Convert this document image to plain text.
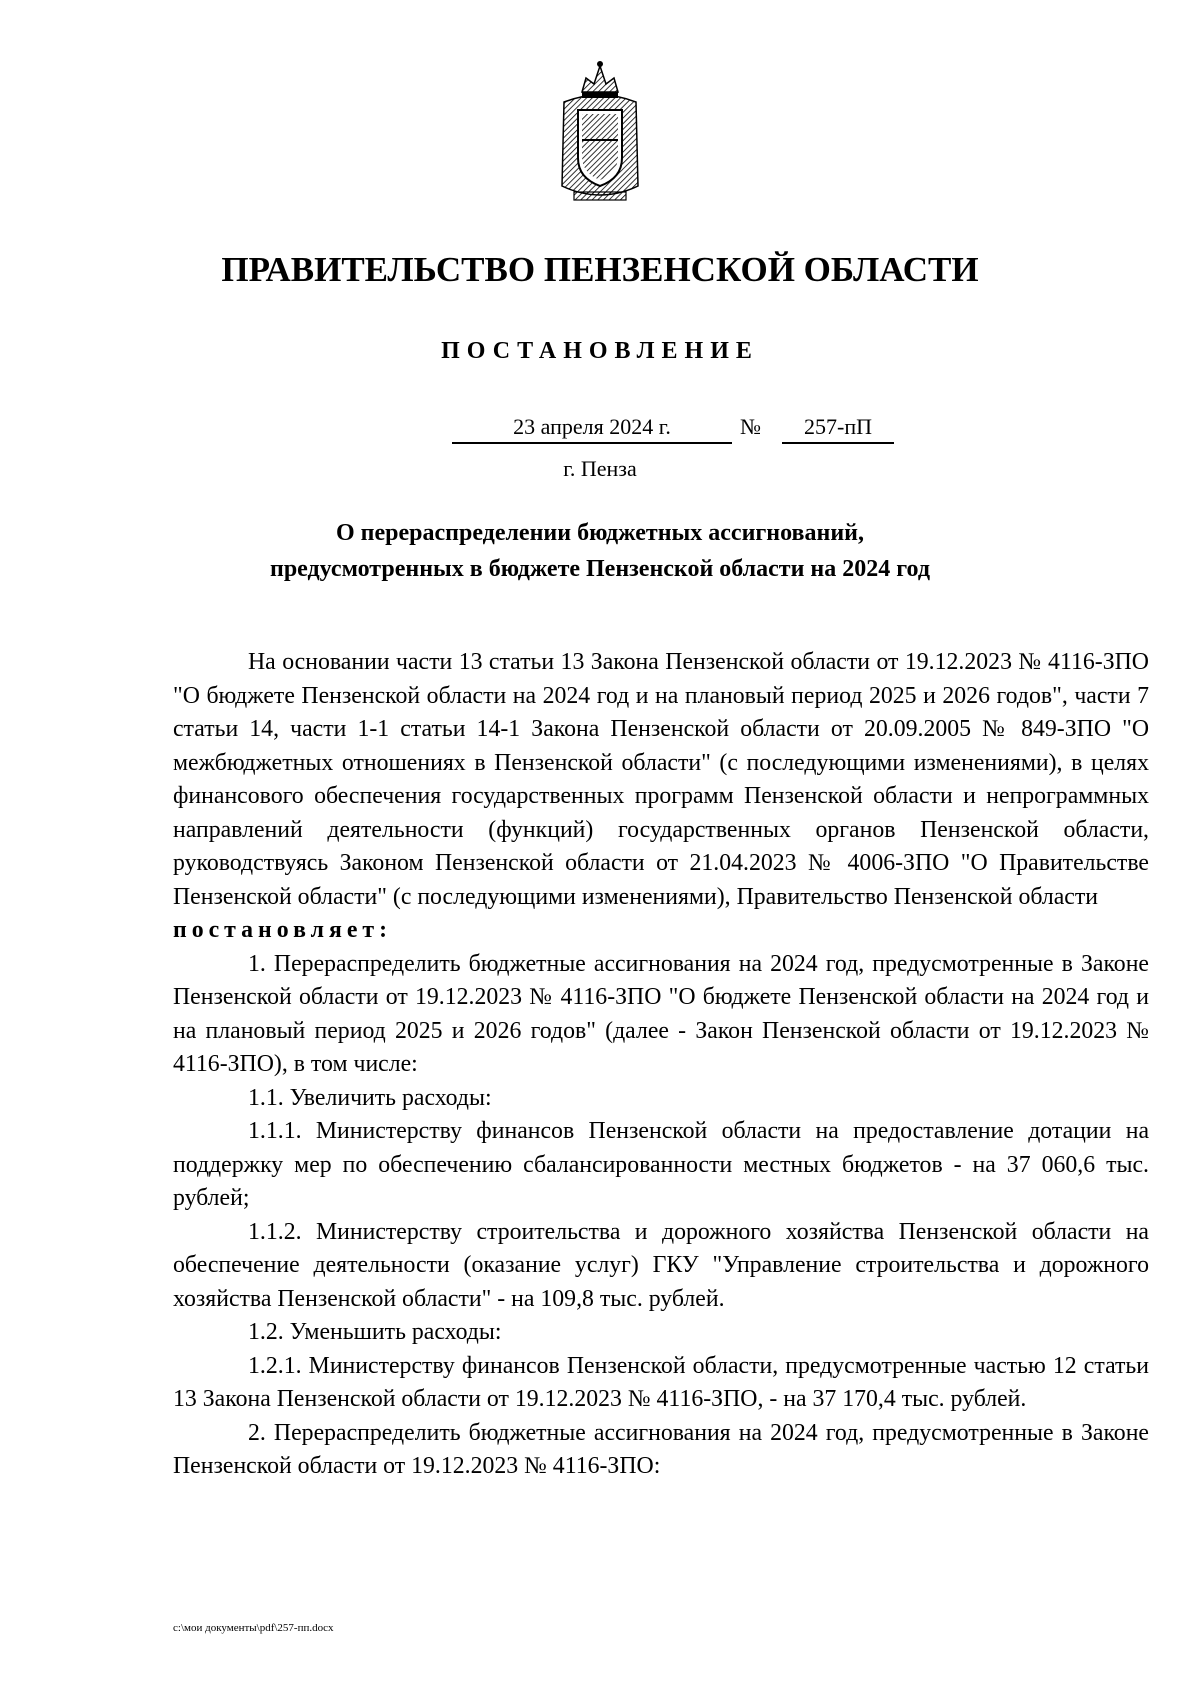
ПРАВИТЕЛЬСТВО ПЕНЗЕНСКОЙ ОБЛАСТИ
ПОСТАНОВЛЕНИЕ
23 апреля 2024 г.	№	257-пП
г. Пенза
О перераспределении бюджетных ассигнований,
предусмотренных в бюджете Пензенской области на 2024 год

На основании части 13 статьи 13 Закона Пензенской области от 19.12.2023 № 4116-ЗПО "О бюджете Пензенской области на 2024 год и на плановый период 2025 и 2026 годов", части 7 статьи 14, части 1-1 статьи 14-1 Закона Пензенской области от 20.09.2005 № 849-ЗПО "О межбюджетных отношениях в Пензенской области" (с последующими изменениями), в целях финансового обеспечения государственных программ Пензенской области и непрограммных направлений деятельности (функций) государственных органов Пензенской области, руководствуясь Законом Пензенской области от 21.04.2023 № 4006-ЗПО "О Правительстве Пензенской области" (с последующими изменениями), Правительство Пензенской области

постановляет:

1. Перераспределить бюджетные ассигнования на 2024 год, предусмотренные в Законе Пензенской области от 19.12.2023 № 4116-ЗПО "О бюджете Пензенской области на 2024 год и на плановый период 2025 и 2026 годов" (далее - Закон Пензенской области от 19.12.2023 № 4116-ЗПО), в том числе:

1.1. Увеличить расходы:

1.1.1. Министерству финансов Пензенской области на предоставление дотации на поддержку мер по обеспечению сбалансированности местных бюджетов - на 37 060,6 тыс. рублей;

1.1.2. Министерству строительства и дорожного хозяйства Пензенской области на обеспечение деятельности (оказание услуг) ГКУ "Управление строительства и дорожного хозяйства Пензенской области" - на 109,8 тыс. рублей.

1.2. Уменьшить расходы:

1.2.1. Министерству финансов Пензенской области, предусмотренные частью 12 статьи 13 Закона Пензенской области от 19.12.2023 № 4116-ЗПО, - на 37 170,4 тыс. рублей.

2. Перераспределить бюджетные ассигнования на 2024 год, предусмотренные в Законе Пензенской области от 19.12.2023 № 4116-ЗПО:

c:\мои документы\pdf\257-пп.docx
